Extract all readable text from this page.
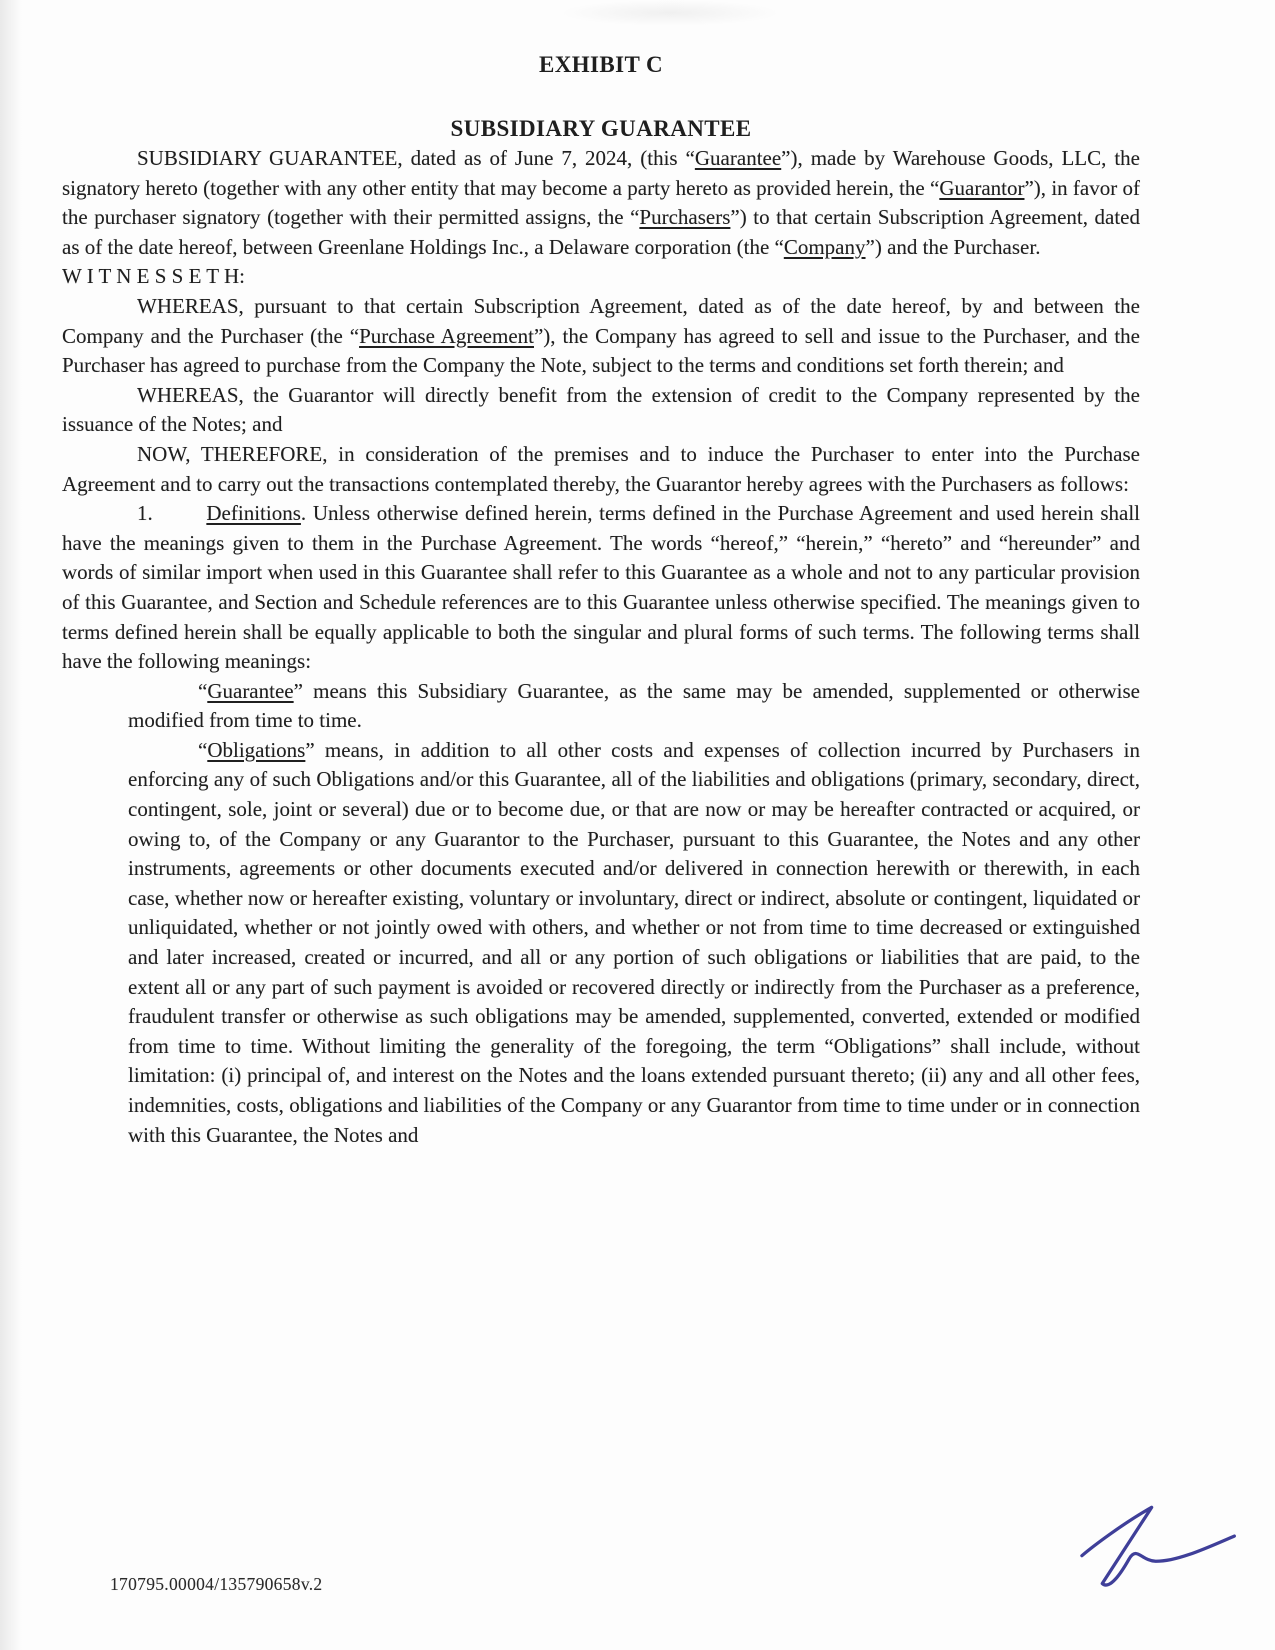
EXHIBIT C
SUBSIDIARY GUARANTEE

SUBSIDIARY GUARANTEE, dated as of June 7, 2024, (this “Guarantee”), made by Warehouse Goods, LLC, the signatory hereto (together with any other entity that may become a party hereto as provided herein, the “Guarantor”), in favor of the purchaser signatory (together with their permitted assigns, the “Purchasers”) to that certain Subscription Agreement, dated as of the date hereof, between Greenlane Holdings Inc., a Delaware corporation (the “Company”) and the Purchaser.

W I T N E S S E T H:

WHEREAS, pursuant to that certain Subscription Agreement, dated as of the date hereof, by and between the Company and the Purchaser (the “Purchase Agreement”), the Company has agreed to sell and issue to the Purchaser, and the Purchaser has agreed to purchase from the Company the Note, subject to the terms and conditions set forth therein; and

WHEREAS, the Guarantor will directly benefit from the extension of credit to the Company represented by the issuance of the Notes; and

NOW, THEREFORE, in consideration of the premises and to induce the Purchaser to enter into the Purchase Agreement and to carry out the transactions contemplated thereby, the Guarantor hereby agrees with the Purchasers as follows:

1.        Definitions. Unless otherwise defined herein, terms defined in the Purchase Agreement and used herein shall have the meanings given to them in the Purchase Agreement. The words “hereof,” “herein,” “hereto” and “hereunder” and words of similar import when used in this Guarantee shall refer to this Guarantee as a whole and not to any particular provision of this Guarantee, and Section and Schedule references are to this Guarantee unless otherwise specified. The meanings given to terms defined herein shall be equally applicable to both the singular and plural forms of such terms. The following terms shall have the following meanings:

“Guarantee” means this Subsidiary Guarantee, as the same may be amended, supplemented or otherwise modified from time to time.

“Obligations” means, in addition to all other costs and expenses of collection incurred by Purchasers in enforcing any of such Obligations and/or this Guarantee, all of the liabilities and obligations (primary, secondary, direct, contingent, sole, joint or several) due or to become due, or that are now or may be hereafter contracted or acquired, or owing to, of the Company or any Guarantor to the Purchaser, pursuant to this Guarantee, the Notes and any other instruments, agreements or other documents executed and/or delivered in connection herewith or therewith, in each case, whether now or hereafter existing, voluntary or involuntary, direct or indirect, absolute or contingent, liquidated or unliquidated, whether or not jointly owed with others, and whether or not from time to time decreased or extinguished and later increased, created or incurred, and all or any portion of such obligations or liabilities that are paid, to the extent all or any part of such payment is avoided or recovered directly or indirectly from the Purchaser as a preference, fraudulent transfer or otherwise as such obligations may be amended, supplemented, converted, extended or modified from time to time. Without limiting the generality of the foregoing, the term “Obligations” shall include, without limitation: (i) principal of, and interest on the Notes and the loans extended pursuant thereto; (ii) any and all other fees, indemnities, costs, obligations and liabilities of the Company or any Guarantor from time to time under or in connection with this Guarantee, the Notes and

170795.00004/135790658v.2
